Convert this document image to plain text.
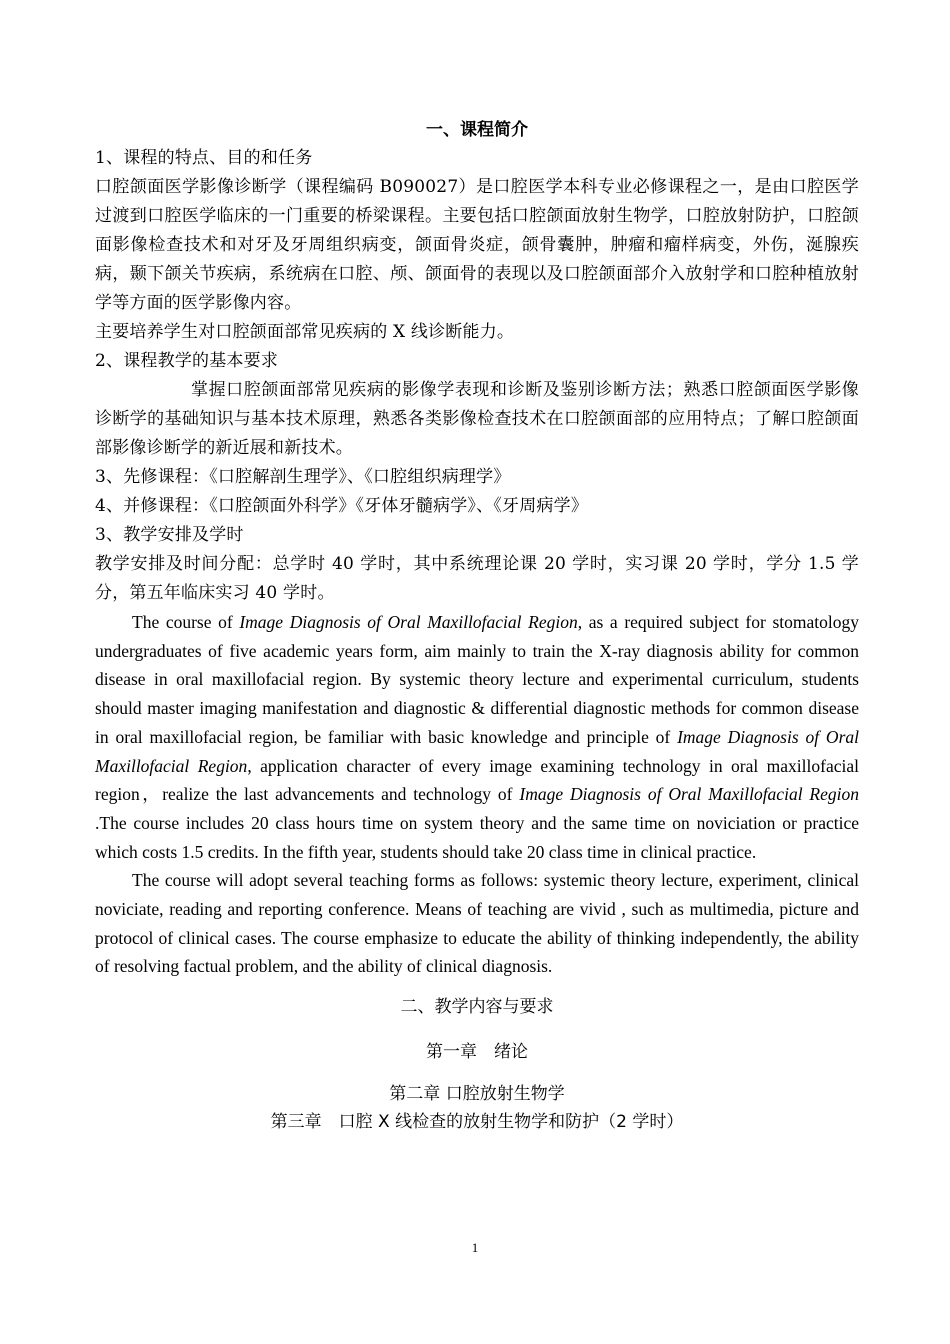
一、课程简介
1、课程的特点、目的和任务
口腔颌面医学影像诊断学（课程编码 B090027）是口腔医学本科专业必修课程之一，是由口腔医学过渡到口腔医学临床的一门重要的桥梁课程。主要包括口腔颌面放射生物学，口腔放射防护，口腔颌面影像检查技术和对牙及牙周组织病变，颌面骨炎症，颌骨囊肿，肿瘤和瘤样病变，外伤，涎腺疾病，颞下颌关节疾病，系统病在口腔、颅、颌面骨的表现以及口腔颌面部介入放射学和口腔种植放射学等方面的医学影像内容。
主要培养学生对口腔颌面部常见疾病的 X 线诊断能力。
2、课程教学的基本要求
掌握口腔颌面部常见疾病的影像学表现和诊断及鉴别诊断方法；熟悉口腔颌面医学影像诊断学的基础知识与基本技术原理，熟悉各类影像检查技术在口腔颌面部的应用特点；了解口腔颌面部影像诊断学的新近展和新技术。
3、先修课程：《口腔解剖生理学》、《口腔组织病理学》
4、并修课程：《口腔颌面外科学》《牙体牙髓病学》、《牙周病学》
3、教学安排及学时
教学安排及时间分配：总学时 40 学时，其中系统理论课 20 学时，实习课 20 学时，学分 1.5 学分，第五年临床实习 40 学时。
The course of Image Diagnosis of Oral Maxillofacial Region, as a required subject for stomatology undergraduates of five academic years form, aim mainly to train the X-ray diagnosis ability for common disease in oral maxillofacial region. By systemic theory lecture and experimental curriculum, students should master imaging manifestation and diagnostic & differential diagnostic methods for common disease in oral maxillofacial region, be familiar with basic knowledge and principle of Image Diagnosis of Oral Maxillofacial Region, application character of every image examining technology in oral maxillofacial region，realize the last advancements and technology of Image Diagnosis of Oral Maxillofacial Region .The course includes 20 class hours time on system theory and the same time on noviciation or practice which costs 1.5 credits. In the fifth year, students should take 20 class time in clinical practice.
The course will adopt several teaching forms as follows: systemic theory lecture, experiment, clinical noviciate, reading and reporting conference. Means of teaching are vivid , such as multimedia, picture and protocol of clinical cases. The course emphasize to educate the ability of thinking independently, the ability of resolving factual problem, and the ability of clinical diagnosis.
二、教学内容与要求
第一章　绪论
第二章 口腔放射生物学
第三章　口腔 X 线检查的放射生物学和防护（2 学时）
1
